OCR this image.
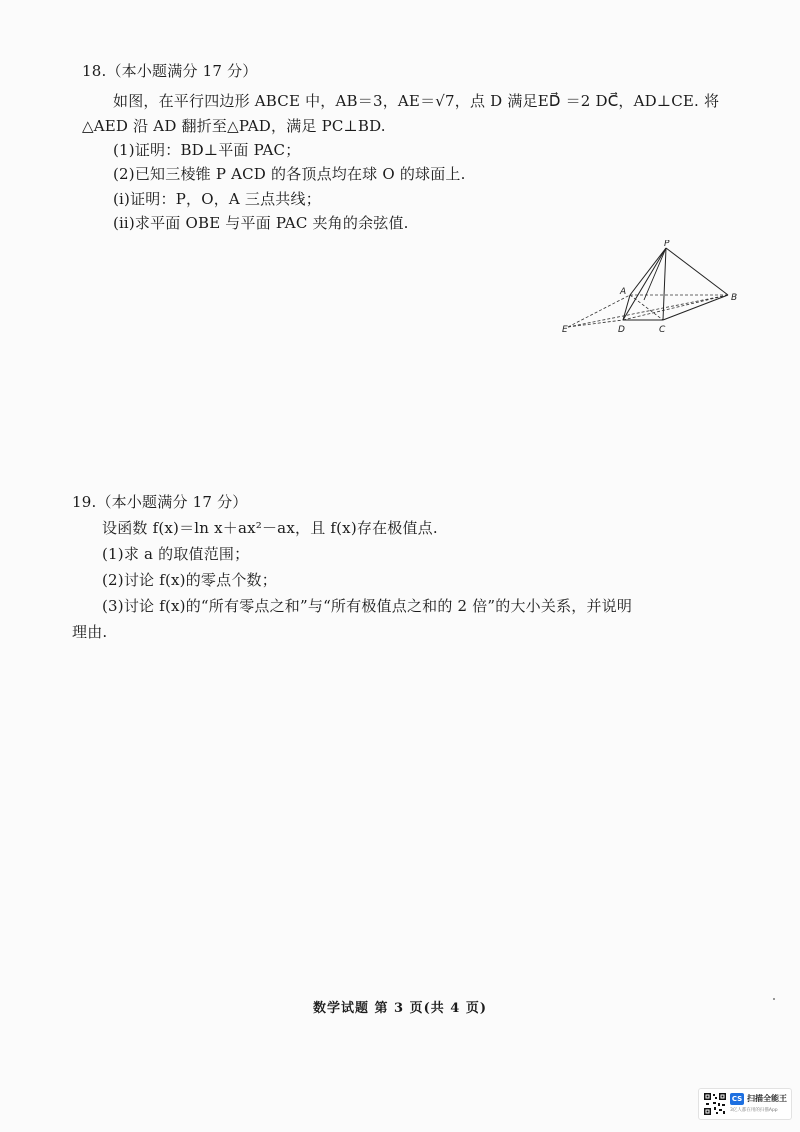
18.（本小题满分 17 分）
如图，在平行四边形 ABCE 中，AB＝3，AE＝√7，点 D 满足ED⃗ ＝2 DC⃗，AD⊥CE. 将
△AED 沿 AD 翻折至△PAD，满足 PC⊥BD.
(1)证明：BD⊥平面 PAC；
(2)已知三棱锥 P ACD 的各顶点均在球 O 的球面上.
(ⅰ)证明：P，O，A 三点共线；
(ⅱ)求平面 OBE 与平面 PAC 夹角的余弦值.
P
A
B
C
D
E
19.（本小题满分 17 分）
设函数 f(x)＝ln x＋ax²－ax，且 f(x)存在极值点.
(1)求 a 的取值范围；
(2)讨论 f(x)的零点个数；
(3)讨论 f(x)的“所有零点之和”与“所有极值点之和的 2 倍”的大小关系，并说明
理由.
数学试题 第 3 页(共 4 页)
CS 扫描全能王
3亿人都在用的扫描App
